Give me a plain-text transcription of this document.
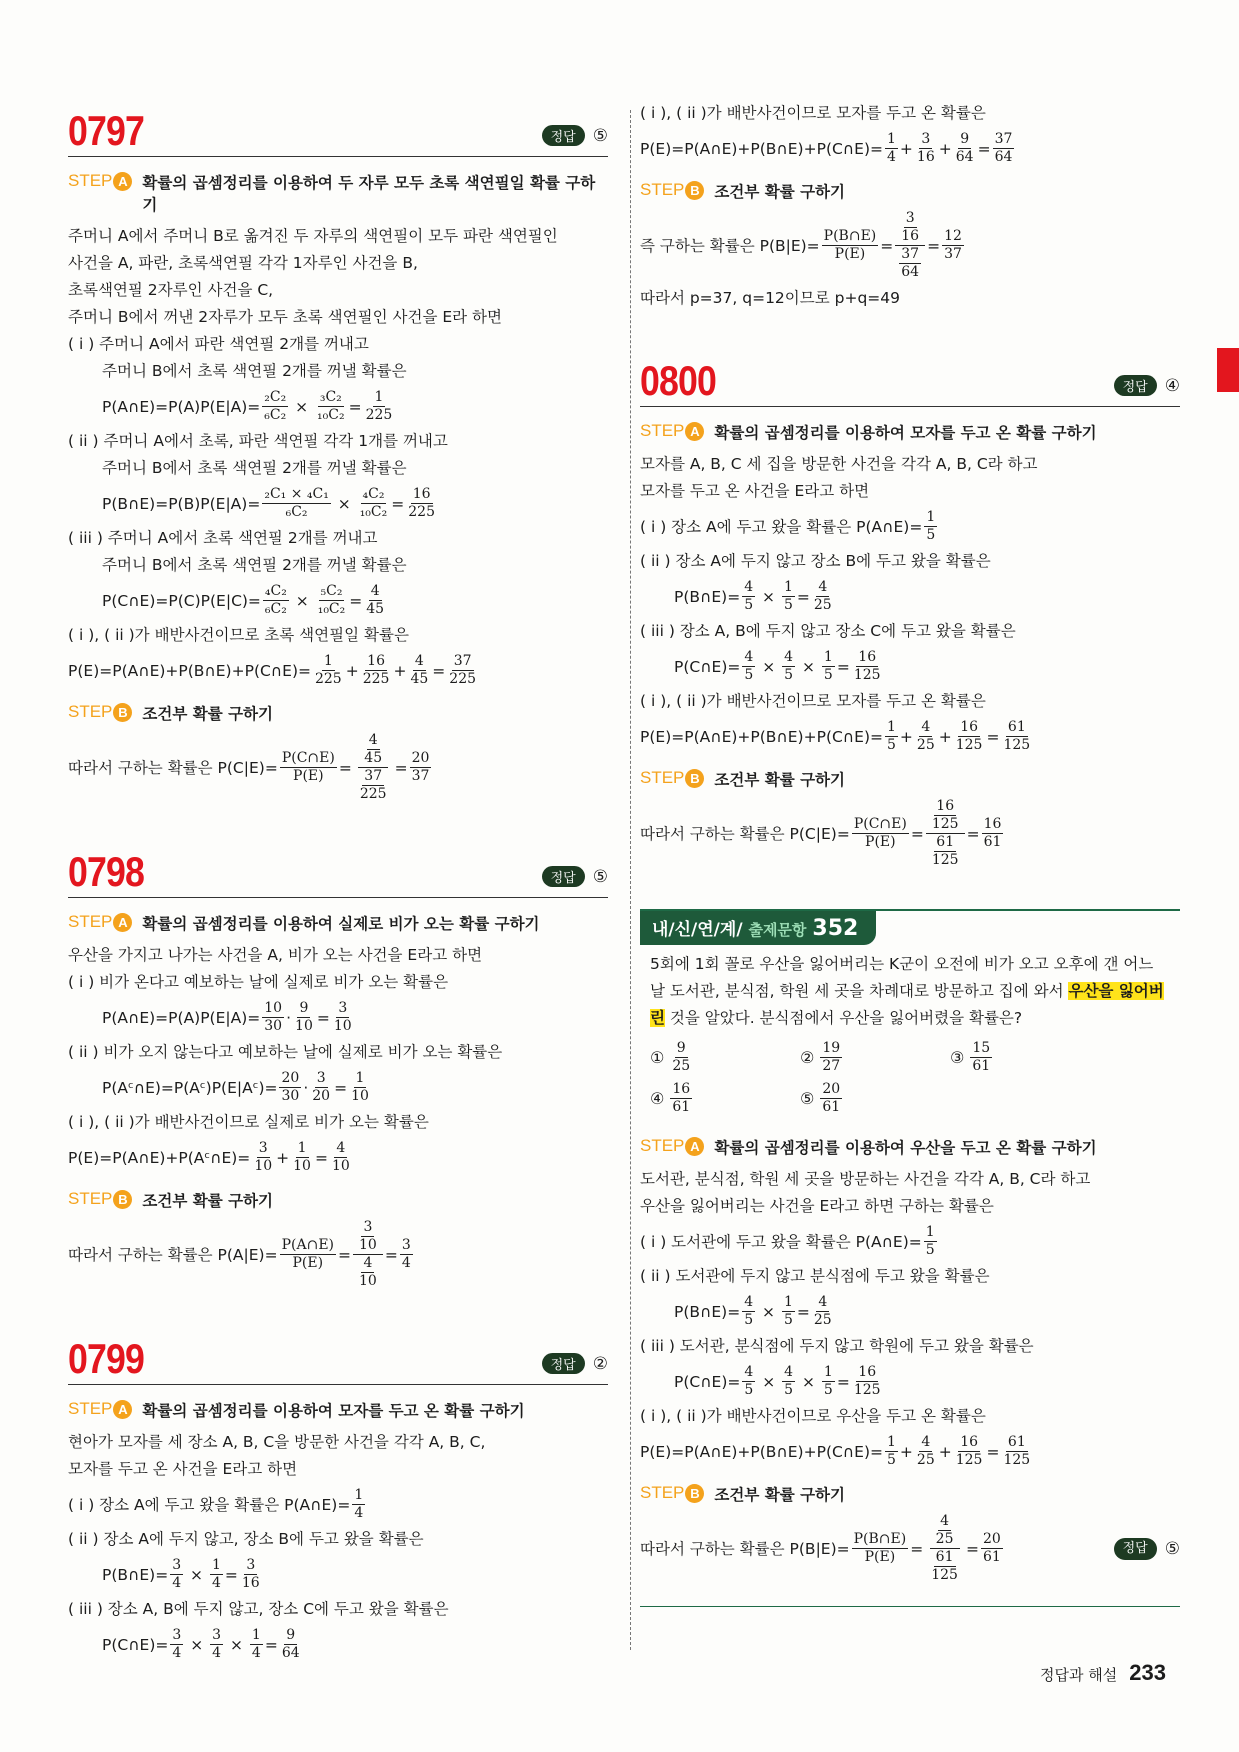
0797	정답	⑤
STEP A 확률의 곱셈정리를 이용하여 두 자루 모두 초록 색연필일 확률 구하기
주머니 A에서 주머니 B로 옮겨진 두 자루의 색연필이 모두 파란 색연필인
사건을 A, 파란, 초록색연필 각각 1자루인 사건을 B,
초록색연필 2자루인 사건을 C,
주머니 B에서 꺼낸 2자루가 모두 초록 색연필인 사건을 E라 하면
( i ) 주머니 A에서 파란 색연필 2개를 꺼내고
주머니 B에서 초록 색연필 2개를 꺼낼 확률은
P(A∩E)=P(A)P(E|A)= $\frac{\text{₂C₂}}{\text{₆C₂}} \times \frac{\text{₃C₂}}{\text{₁₀C₂}} = \frac{1}{225}$
( ii ) 주머니 A에서 초록, 파란 색연필 각각 1개를 꺼내고
주머니 B에서 초록 색연필 2개를 꺼낼 확률은
P(B∩E)=P(B)P(E|A)= $\frac{\text{₂C₁ × ₄C₁}}{\text{₆C₂}} \times \frac{\text{₄C₂}}{\text{₁₀C₂}} = \frac{16}{225}$
( iii ) 주머니 A에서 초록 색연필 2개를 꺼내고
주머니 B에서 초록 색연필 2개를 꺼낼 확률은
P(C∩E)=P(C)P(E|C)= $\frac{\text{₄C₂}}{\text{₆C₂}} \times \frac{\text{₅C₂}}{\text{₁₀C₂}} = \frac{4}{45}$
( i ), ( ii )가 배반사건이므로 초록 색연필일 확률은
P(E)=P(A∩E)+P(B∩E)+P(C∩E)= $\frac{1}{225} + \frac{16}{225} + \frac{4}{45} = \frac{37}{225}$
STEP B 조건부 확률 구하기
따라서 구하는 확률은 $P(C|E)= \frac{P(C\cap E)}{P(E)} = \frac{\frac{4}{45}}{\frac{37}{225}} = \frac{20}{37}$
0798	정답	⑤
STEP A 확률의 곱셈정리를 이용하여 실제로 비가 오는 확률 구하기
우산을 가지고 나가는 사건을 A, 비가 오는 사건을 E라고 하면
( i ) 비가 온다고 예보하는 날에 실제로 비가 오는 확률은
P(A∩E)=P(A)P(E|A)= $\frac{10}{30} \cdot \frac{9}{10} = \frac{3}{10}$
( ii ) 비가 오지 않는다고 예보하는 날에 실제로 비가 오는 확률은
P(Aᶜ∩E)=P(Aᶜ)P(E|Aᶜ)= $\frac{20}{30} \cdot \frac{3}{20} = \frac{1}{10}$
( i ), ( ii )가 배반사건이므로 실제로 비가 오는 확률은
P(E)=P(A∩E)+P(Aᶜ∩E)= $\frac{3}{10} + \frac{1}{10} = \frac{4}{10}$
STEP B 조건부 확률 구하기
따라서 구하는 확률은 $P(A|E)= \frac{P(A\cap E)}{P(E)} = \frac{\frac{3}{10}}{\frac{4}{10}} = \frac{3}{4}$
0799	정답	②
STEP A 확률의 곱셈정리를 이용하여 모자를 두고 온 확률 구하기
현아가 모자를 세 장소 A, B, C을 방문한 사건을 각각 A, B, C,
모자를 두고 온 사건을 E라고 하면
( i ) 장소 A에 두고 왔을 확률은 P(A∩E)= $\frac{1}{4}$
( ii ) 장소 A에 두지 않고, 장소 B에 두고 왔을 확률은
P(B∩E)= $\frac{3}{4} \times \frac{1}{4} = \frac{3}{16}$
( iii ) 장소 A, B에 두지 않고, 장소 C에 두고 왔을 확률은
P(C∩E)= $\frac{3}{4} \times \frac{3}{4} \times \frac{1}{4} = \frac{9}{64}$
( i ), ( ii )가 배반사건이므로 모자를 두고 온 확률은
P(E)=P(A∩E)+P(B∩E)+P(C∩E)= $\frac{1}{4} + \frac{3}{16} + \frac{9}{64} = \frac{37}{64}$
STEP B 조건부 확률 구하기
즉 구하는 확률은 $P(B|E)= \frac{P(B\cap E)}{P(E)} = \frac{\frac{3}{16}}{\frac{37}{64}} = \frac{12}{37}$
따라서 p=37, q=12이므로 p+q=49
0800	정답	④
STEP A 확률의 곱셈정리를 이용하여 모자를 두고 온 확률 구하기
모자를 A, B, C 세 집을 방문한 사건을 각각 A, B, C라 하고
모자를 두고 온 사건을 E라고 하면
( i ) 장소 A에 두고 왔을 확률은 P(A∩E)= $\frac{1}{5}$
( ii ) 장소 A에 두지 않고 장소 B에 두고 왔을 확률은
P(B∩E)= $\frac{4}{5} \times \frac{1}{5} = \frac{4}{25}$
( iii ) 장소 A, B에 두지 않고 장소 C에 두고 왔을 확률은
P(C∩E)= $\frac{4}{5} \times \frac{4}{5} \times \frac{1}{5} = \frac{16}{125}$
( i ), ( ii )가 배반사건이므로 모자를 두고 온 확률은
P(E)=P(A∩E)+P(B∩E)+P(C∩E)= $\frac{1}{5} + \frac{4}{25} + \frac{16}{125} = \frac{61}{125}$
STEP B 조건부 확률 구하기
따라서 구하는 확률은 $P(C|E)= \frac{P(C\cap E)}{P(E)} = \frac{\frac{16}{125}}{\frac{61}{125}} = \frac{16}{61}$
내/신/연/계/ 출제문항 352
5회에 1회 꼴로 우산을 잃어버리는 K군이 오전에 비가 오고 오후에 갠 어느 날 도서관, 분식점, 학원 세 곳을 차례대로 방문하고 집에 와서 우산을 잃어버린 것을 알았다. 분식점에서 우산을 잃어버렸을 확률은?
① $\frac{9}{25}$	② $\frac{19}{27}$	③ $\frac{15}{61}$
④ $\frac{16}{61}$	⑤ $\frac{20}{61}$
STEP A 확률의 곱셈정리를 이용하여 우산을 두고 온 확률 구하기
도서관, 분식점, 학원 세 곳을 방문하는 사건을 각각 A, B, C라 하고
우산을 잃어버리는 사건을 E라고 하면 구하는 확률은
( i ) 도서관에 두고 왔을 확률은 P(A∩E)= $\frac{1}{5}$
( ii ) 도서관에 두지 않고 분식점에 두고 왔을 확률은
P(B∩E)= $\frac{4}{5} \times \frac{1}{5} = \frac{4}{25}$
( iii ) 도서관, 분식점에 두지 않고 학원에 두고 왔을 확률은
P(C∩E)= $\frac{4}{5} \times \frac{4}{5} \times \frac{1}{5} = \frac{16}{125}$
( i ), ( ii )가 배반사건이므로 우산을 두고 온 확률은
P(E)=P(A∩E)+P(B∩E)+P(C∩E)= $\frac{1}{5} + \frac{4}{25} + \frac{16}{125} = \frac{61}{125}$
STEP B 조건부 확률 구하기
따라서 구하는 확률은 $P(B|E)= \frac{P(B\cap E)}{P(E)} = \frac{\frac{4}{25}}{\frac{61}{125}} = \frac{20}{61}$	정답	⑤
정답과 해설 233
